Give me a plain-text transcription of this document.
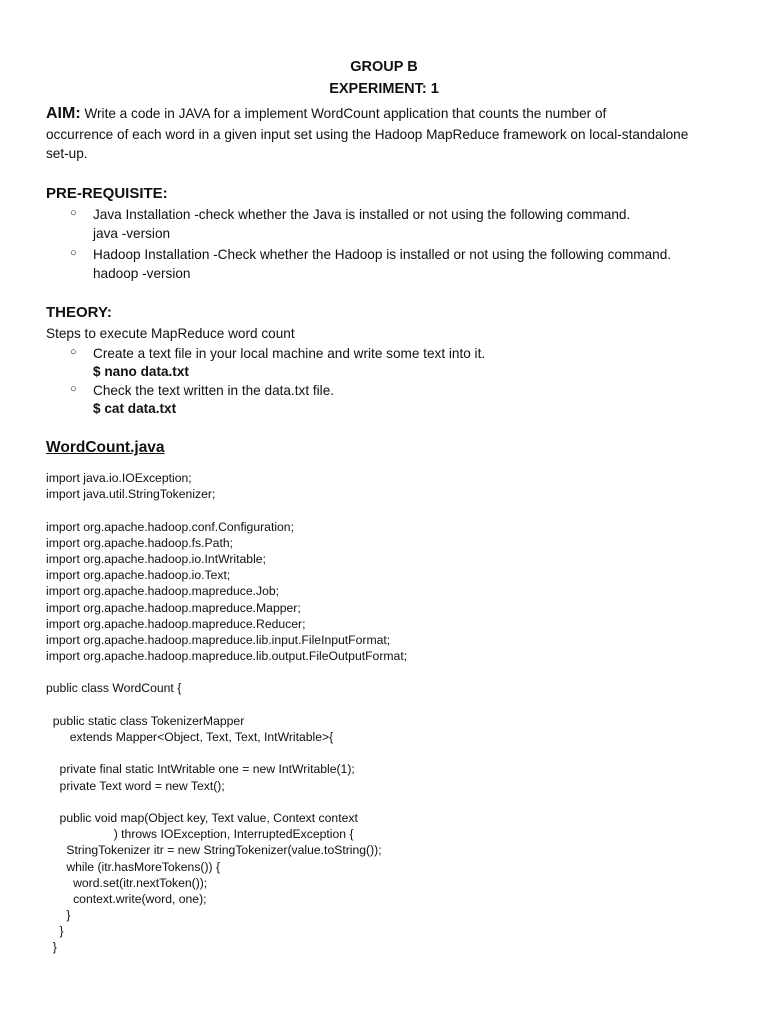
GROUP B
EXPERIMENT: 1
AIM: Write a code in JAVA for a implement WordCount application that counts the number of
occurrence of each word in a given input set using the Hadoop MapReduce framework on local-standalone
set-up.
PRE-REQUISITE:
○ Java Installation -check whether the Java is installed or not using the following command.
java -version
○ Hadoop Installation -Check whether the Hadoop is installed or not using the following command.
hadoop -version
THEORY:
Steps to execute MapReduce word count
○ Create a text file in your local machine and write some text into it.
$ nano data.txt
○ Check the text written in the data.txt file.
$ cat data.txt
WordCount.java
import java.io.IOException;
import java.util.StringTokenizer;
import org.apache.hadoop.conf.Configuration;
import org.apache.hadoop.fs.Path;
import org.apache.hadoop.io.IntWritable;
import org.apache.hadoop.io.Text;
import org.apache.hadoop.mapreduce.Job;
import org.apache.hadoop.mapreduce.Mapper;
import org.apache.hadoop.mapreduce.Reducer;
import org.apache.hadoop.mapreduce.lib.input.FileInputFormat;
import org.apache.hadoop.mapreduce.lib.output.FileOutputFormat;
public class WordCount {
public static class TokenizerMapper
extends Mapper<Object, Text, Text, IntWritable>{
private final static IntWritable one = new IntWritable(1);
private Text word = new Text();
public void map(Object key, Text value, Context context
) throws IOException, InterruptedException {
StringTokenizer itr = new StringTokenizer(value.toString());
while (itr.hasMoreTokens()) {
word.set(itr.nextToken());
context.write(word, one);
}
}
}
